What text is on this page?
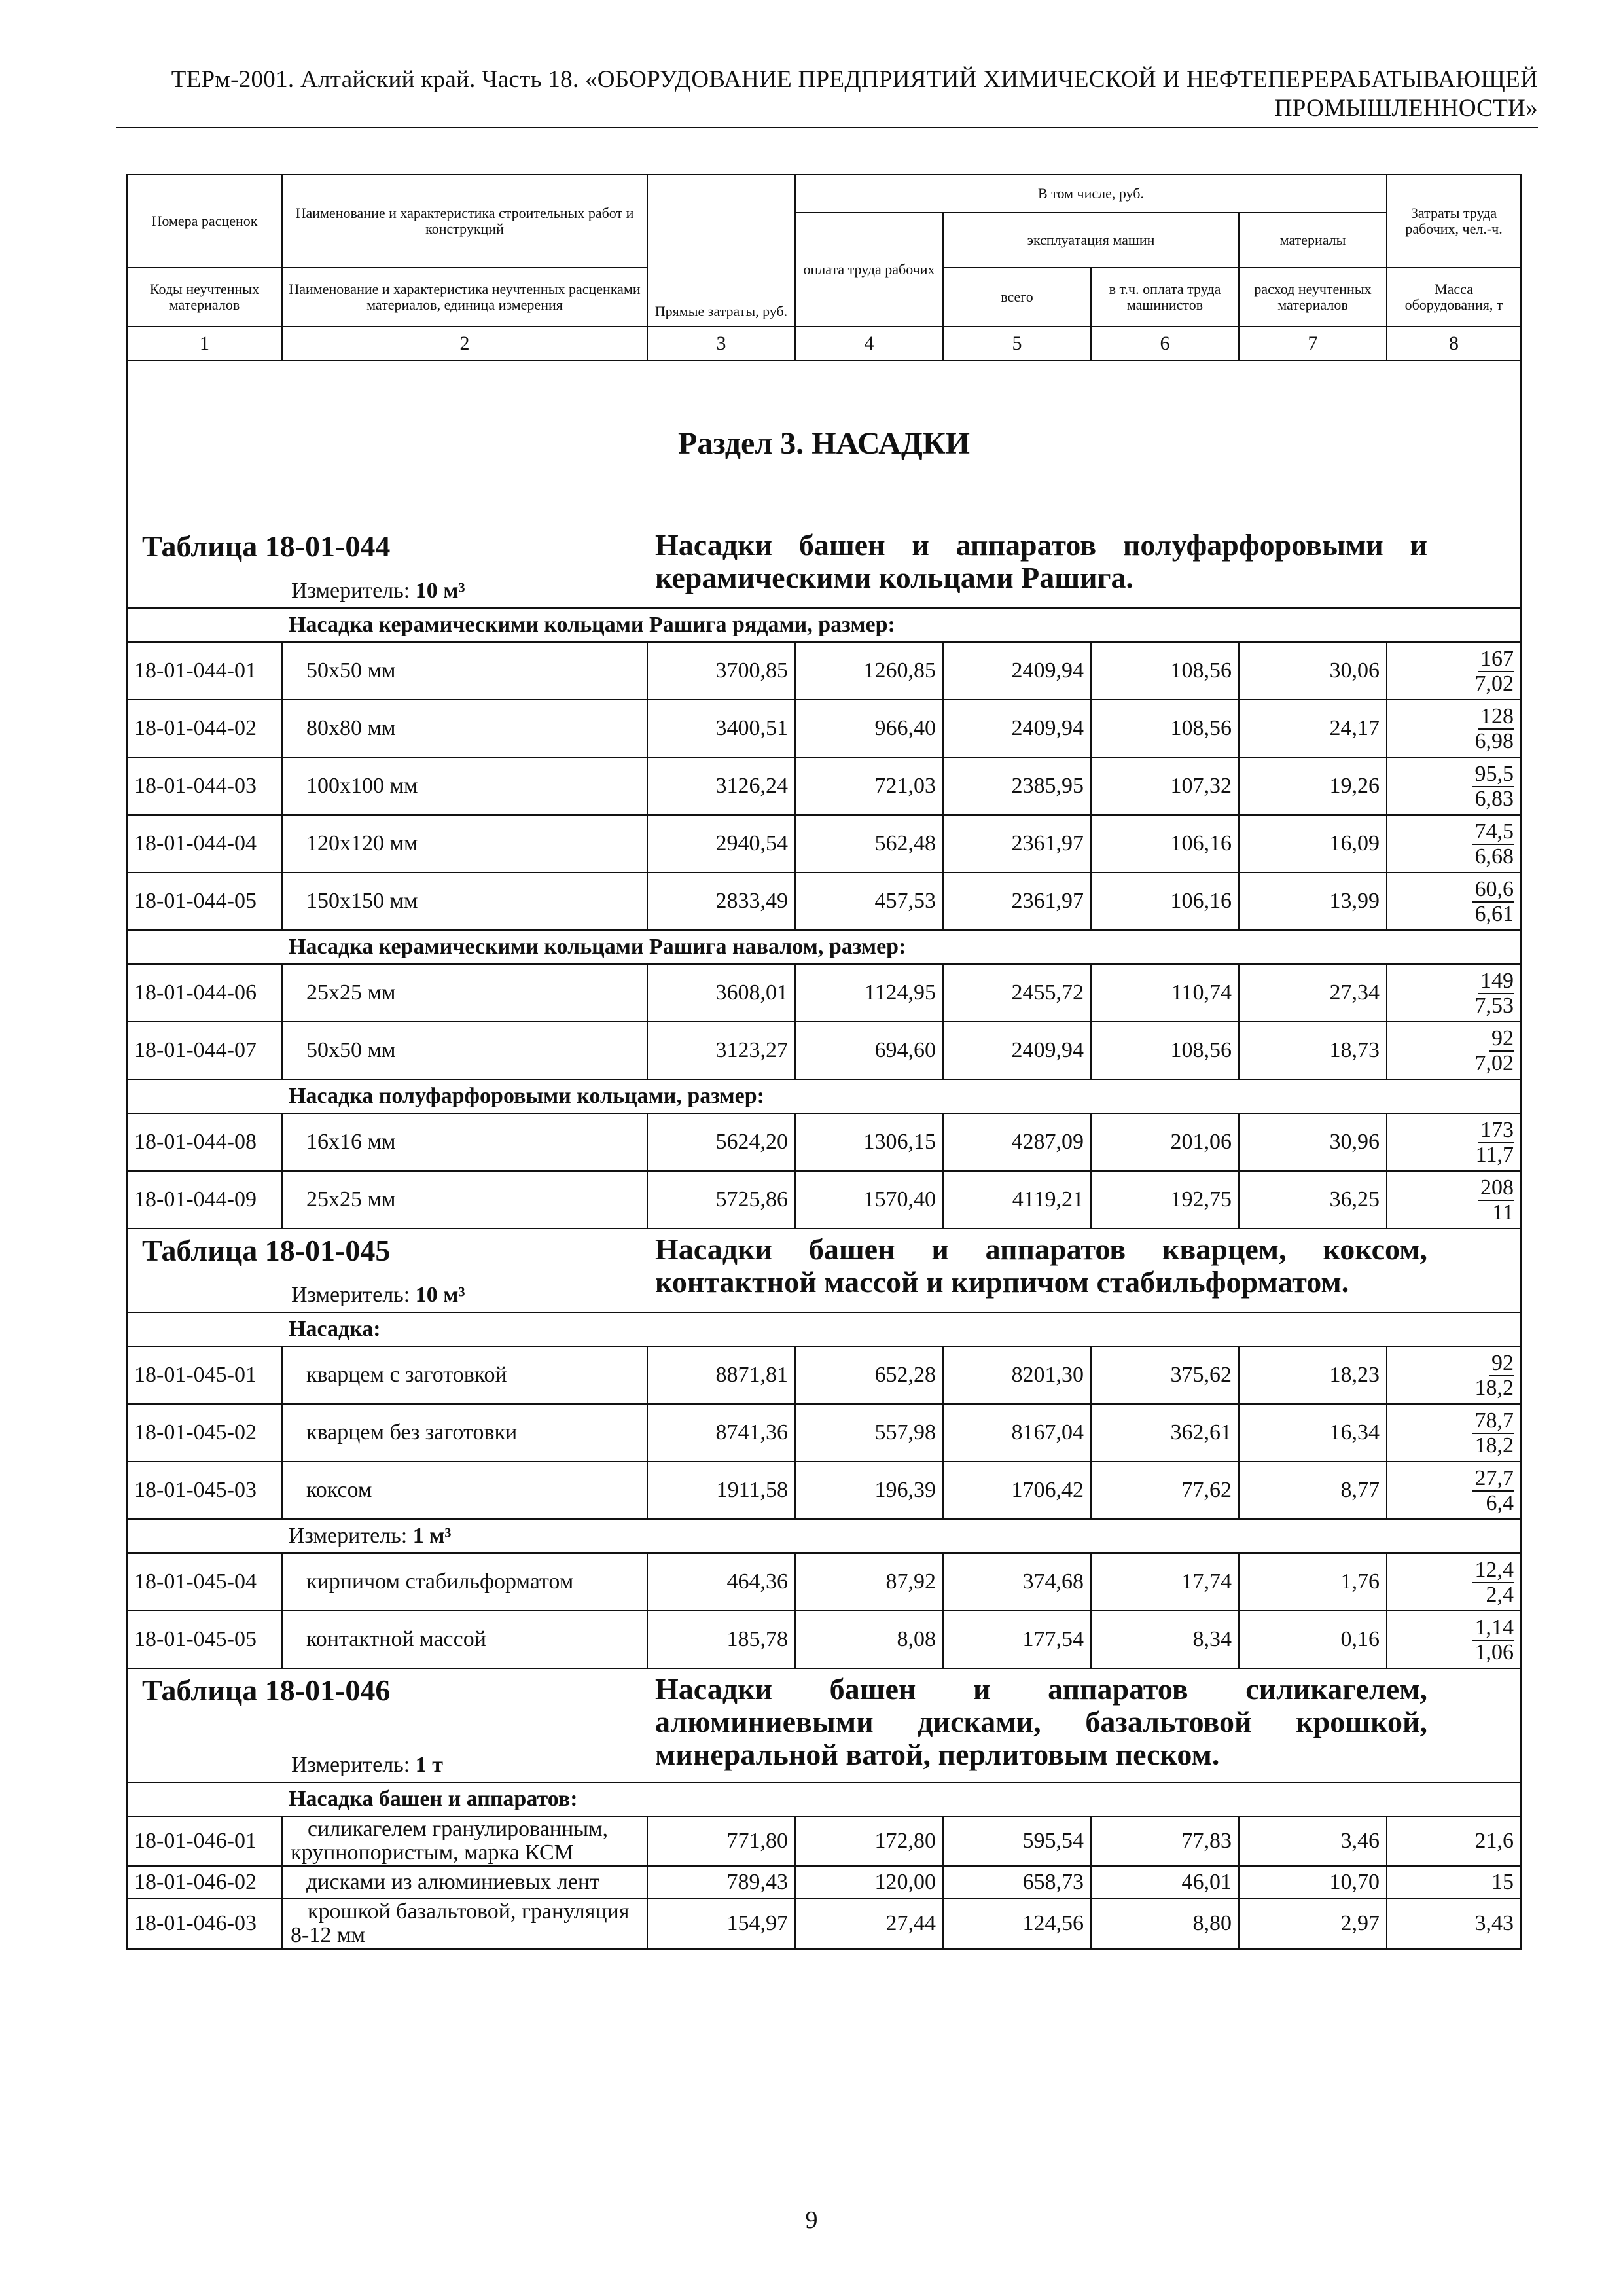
ТЕРм-2001. Алтайский край. Часть 18. «ОБОРУДОВАНИЕ ПРЕДПРИЯТИЙ ХИМИЧЕСКОЙ И НЕФТЕПЕРЕРАБАТЫВАЮЩЕЙ ПРОМЫШЛЕННОСТИ»
Номера расценок	Наименование и характеристика строительных работ и конструкций	Прямые затраты, руб.	В том числе, руб.				Затраты труда рабочих, чел.-ч.
			оплата труда рабочих	эксплуатация машин		материалы	
Коды неучтенных материалов	Наименование и характеристика неучтенных расценками материалов, единица измерения			всего	в т.ч. оплата труда машинистов	расход неучтенных материалов	Масса оборудования, т
1	2	3	4	5	6	7	8
Раздел 3. НАСАДКИ							

Таблица 18-01-044 Насадки башен и аппаратов полуфарфоровыми и керамическими кольцами Рашига.
Измеритель: 10 м³							

	Насадка керамическими кольцами Рашига рядами, размер:						
18-01-044-01	50x50 мм	3700,85	1260,85	2409,94	108,56	30,06	$\frac{167}{7,02}$

18-01-044-02	80x80 мм	3400,51	966,40	2409,94	108,56	24,17	$\frac{128}{6,98}$

18-01-044-03	100x100 мм	3126,24	721,03	2385,95	107,32	19,26	$\frac{95,5}{6,83}$

18-01-044-04	120x120 мм	2940,54	562,48	2361,97	106,16	16,09	$\frac{74,5}{6,68}$

18-01-044-05	150x150 мм	2833,49	457,53	2361,97	106,16	13,99	$\frac{60,6}{6,61}$

	Насадка керамическими кольцами Рашига навалом, размер:						
18-01-044-06	25x25 мм	3608,01	1124,95	2455,72	110,74	27,34	$\frac{149}{7,53}$

18-01-044-07	50x50 мм	3123,27	694,60	2409,94	108,56	18,73	$\frac{92}{7,02}$

	Насадка полуфарфоровыми кольцами, размер:						
18-01-044-08	16x16 мм	5624,20	1306,15	4287,09	201,06	30,96	$\frac{173}{11,7}$

18-01-044-09	25x25 мм	5725,86	1570,40	4119,21	192,75	36,25	$\frac{208}{11}$

Таблица 18-01-045 Насадки башен и аппаратов кварцем, коксом, контактной массой и кирпичом стабильформатом.
Измеритель: 10 м³							

	Насадка:						
18-01-045-01	кварцем с заготовкой	8871,81	652,28	8201,30	375,62	18,23	$\frac{92}{18,2}$

18-01-045-02	кварцем без заготовки	8741,36	557,98	8167,04	362,61	16,34	$\frac{78,7}{18,2}$

18-01-045-03	коксом	1911,58	196,39	1706,42	77,62	8,77	$\frac{27,7}{6,4}$

	Измеритель: 1 м³						
18-01-045-04	кирпичом стабильформатом	464,36	87,92	374,68	17,74	1,76	$\frac{12,4}{2,4}$

18-01-045-05	контактной массой	185,78	8,08	177,54	8,34	0,16	$\frac{1,14}{1,06}$

Таблица 18-01-046 Насадки башен и аппаратов силикагелем, алюминиевыми дисками, базальтовой крошкой, минеральной ватой, перлитовым песком.
Измеритель: 1 т							

	Насадка башен и аппаратов:						
18-01-046-01	силикагелем гранулированным, крупнопористым, марка КСМ	771,80	172,80	595,54	77,83	3,46	21,6
18-01-046-02	дисками из алюминиевых лент	789,43	120,00	658,73	46,01	10,70	15
18-01-046-03	крошкой базальтовой, грануляция 8-12 мм	154,97	27,44	124,56	8,80	2,97	3,43
9
